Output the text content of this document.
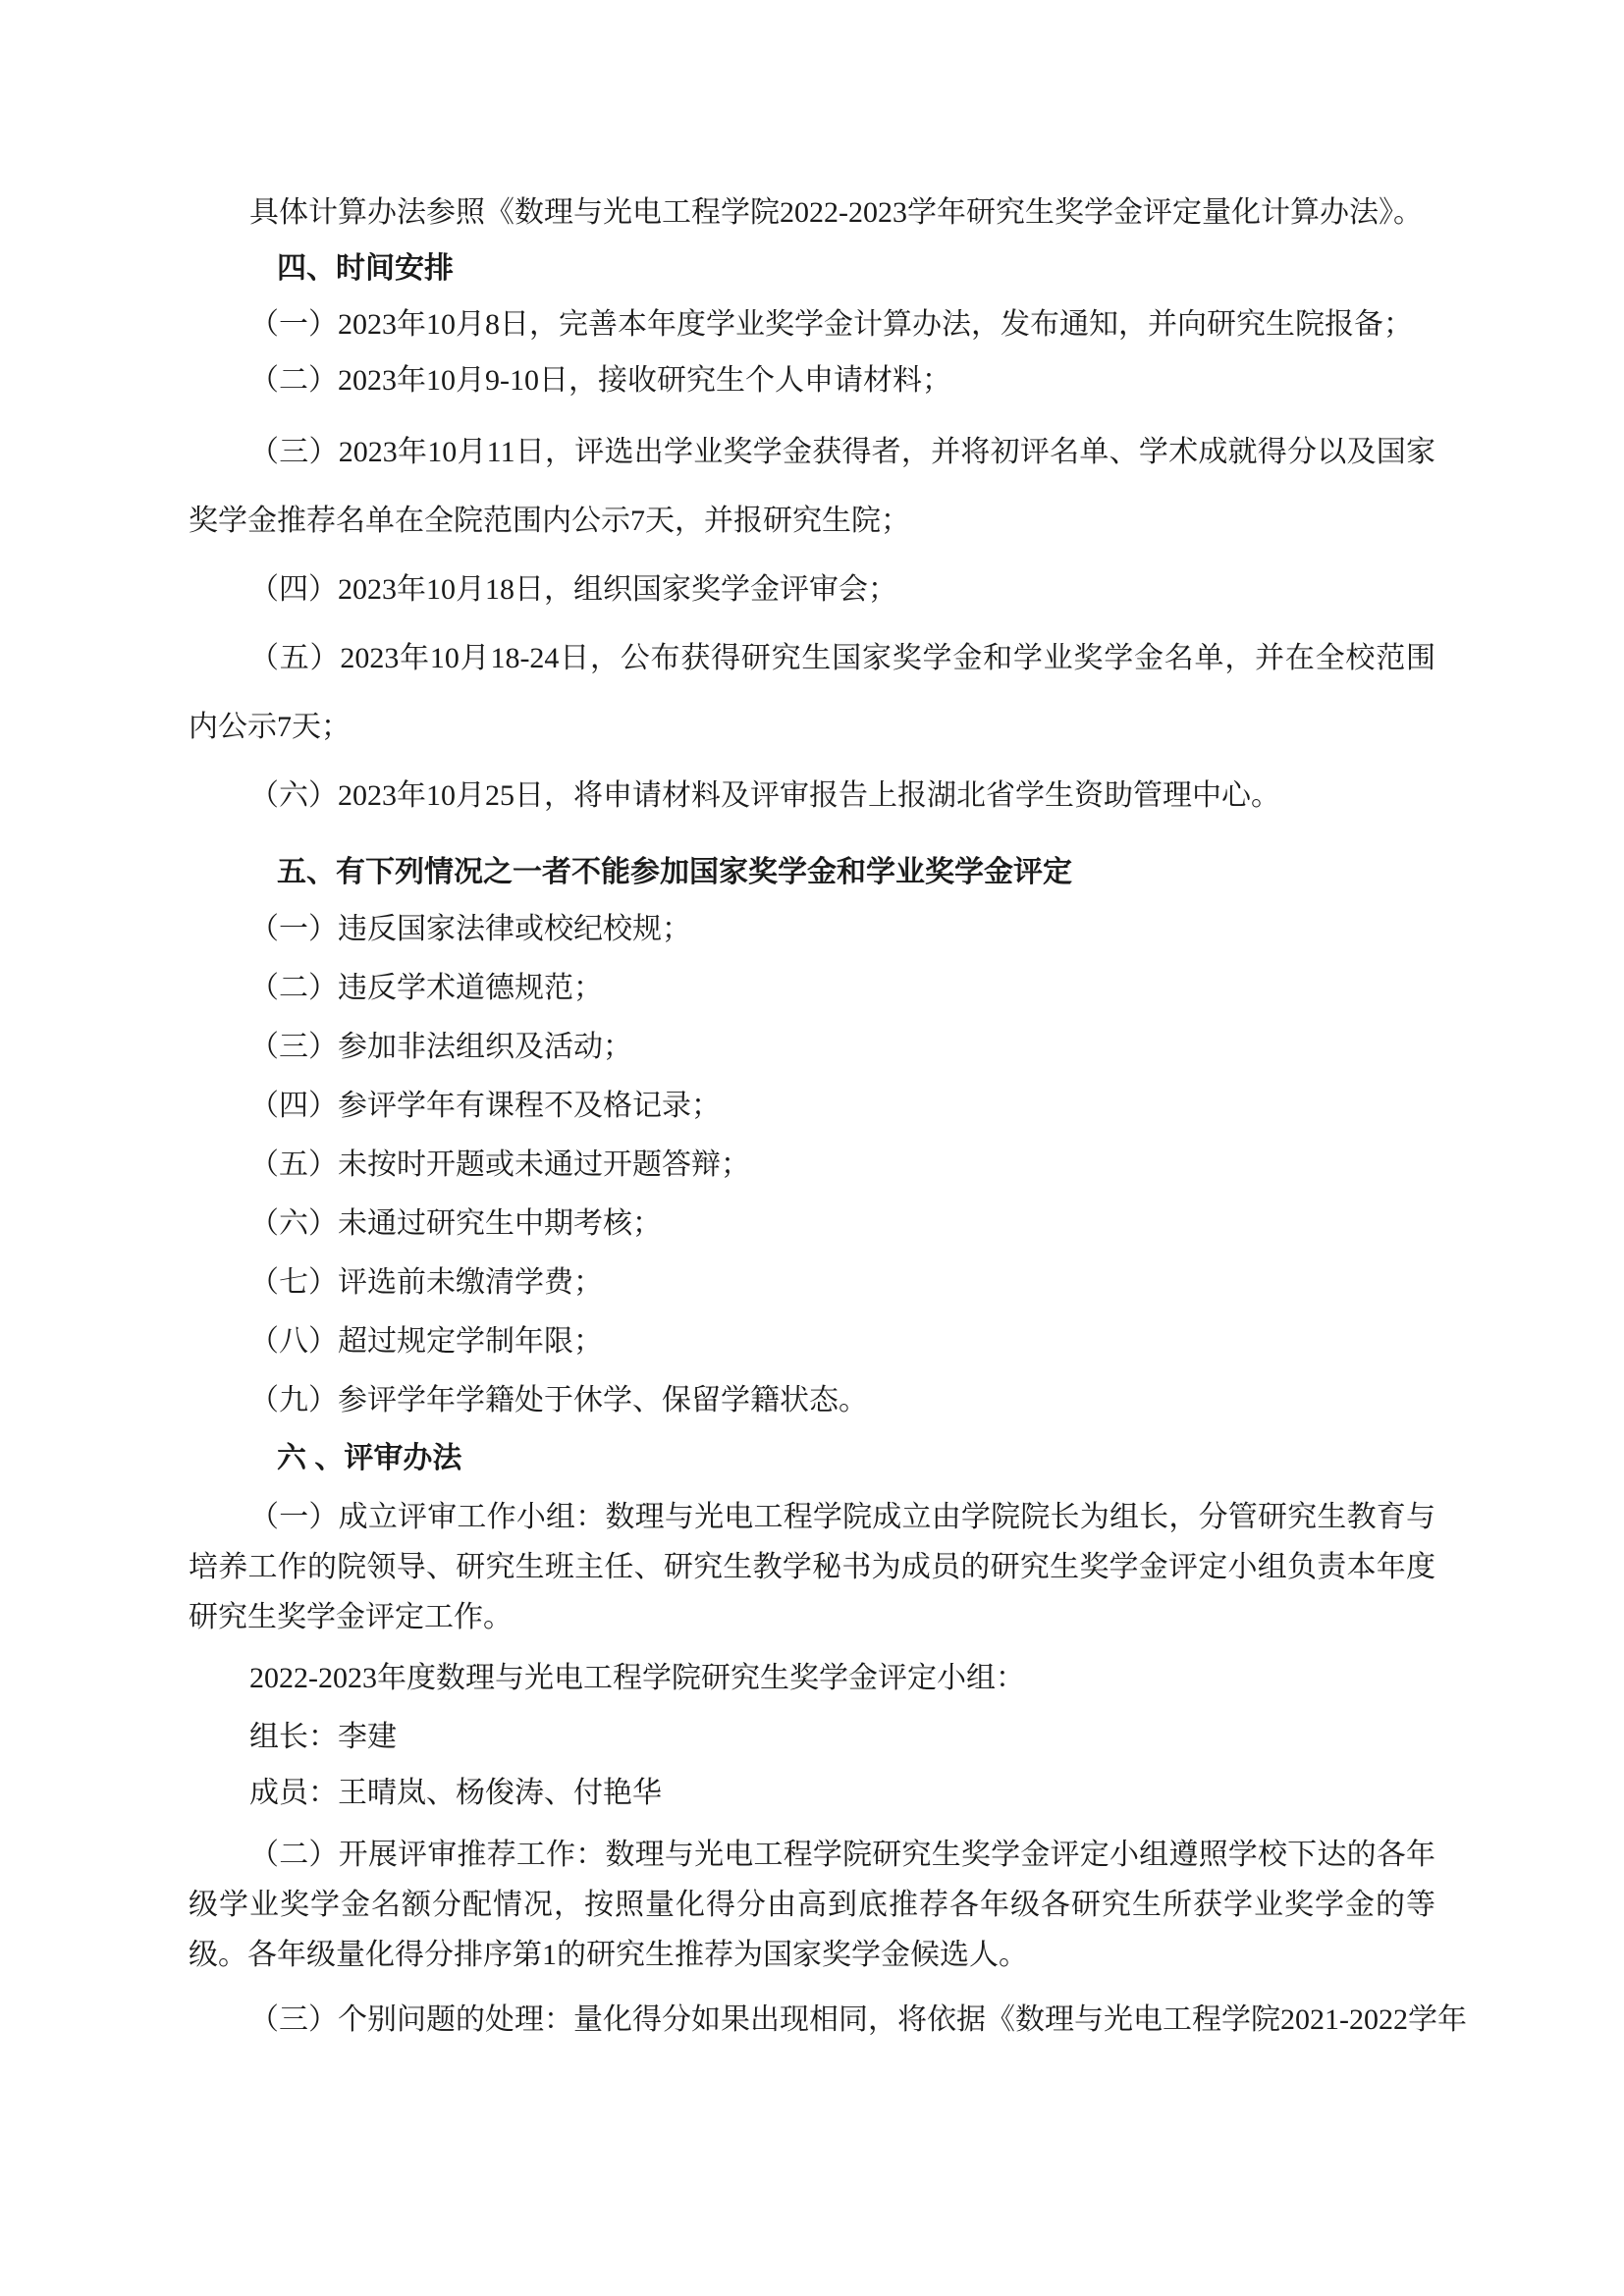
具体计算办法参照《数理与光电工程学院2022-2023学年研究生奖学金评定量化计算办法》。

四、时间安排

（一）2023年10月8日，完善本年度学业奖学金计算办法，发布通知，并向研究生院报备；

（二）2023年10月9-10日，接收研究生个人申请材料；

（三）2023年10月11日，评选出学业奖学金获得者，并将初评名单、学术成就得分以及国家奖学金推荐名单在全院范围内公示7天，并报研究生院；

（四）2023年10月18日，组织国家奖学金评审会；

（五）2023年10月18-24日，公布获得研究生国家奖学金和学业奖学金名单，并在全校范围内公示7天；

（六）2023年10月25日，将申请材料及评审报告上报湖北省学生资助管理中心。

五、有下列情况之一者不能参加国家奖学金和学业奖学金评定

（一）违反国家法律或校纪校规；

（二）违反学术道德规范；

（三）参加非法组织及活动；

（四）参评学年有课程不及格记录；

（五）未按时开题或未通过开题答辩；

（六）未通过研究生中期考核；

（七）评选前未缴清学费；

（八）超过规定学制年限；

（九）参评学年学籍处于休学、保留学籍状态。

六 、评审办法

（一）成立评审工作小组：数理与光电工程学院成立由学院院长为组长，分管研究生教育与培养工作的院领导、研究生班主任、研究生教学秘书为成员的研究生奖学金评定小组负责本年度研究生奖学金评定工作。

2022-2023年度数理与光电工程学院研究生奖学金评定小组：

组长：李建

成员：王晴岚、杨俊涛、付艳华

（二）开展评审推荐工作：数理与光电工程学院研究生奖学金评定小组遵照学校下达的各年级学业奖学金名额分配情况，按照量化得分由高到底推荐各年级各研究生所获学业奖学金的等级。各年级量化得分排序第1的研究生推荐为国家奖学金候选人。

（三）个别问题的处理：量化得分如果出现相同，将依据《数理与光电工程学院2021-2022学年
